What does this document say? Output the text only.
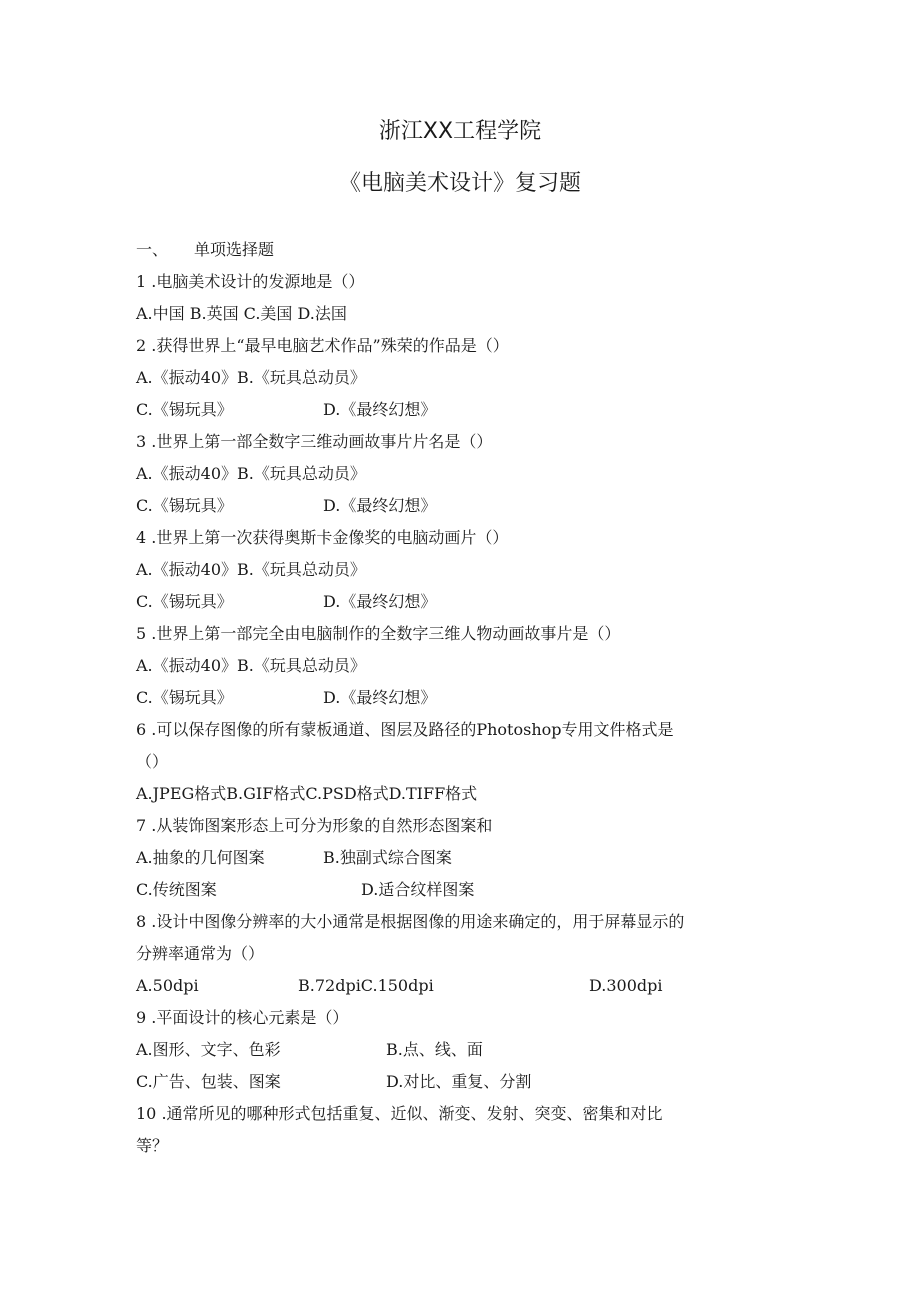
浙江XX工程学院
《电脑美术设计》复习题
一、 单项选择题
1 .电脑美术设计的发源地是（）
A.中国 B.英国 C.美国 D.法国
2 .获得世界上“最早电脑艺术作品”殊荣的作品是（）
A.《振动40》B.《玩具总动员》
C.《锡玩具》	D.《最终幻想》
3 .世界上第一部全数字三维动画故事片片名是（）
A.《振动40》B.《玩具总动员》
C.《锡玩具》	D.《最终幻想》
4 .世界上第一次获得奥斯卡金像奖的电脑动画片（）
A.《振动40》B.《玩具总动员》
C.《锡玩具》	D.《最终幻想》
5 .世界上第一部完全由电脑制作的全数字三维人物动画故事片是（）
A.《振动40》B.《玩具总动员》
C.《锡玩具》	D.《最终幻想》
6 .可以保存图像的所有蒙板通道、图层及路径的Photoshop专用文件格式是
（）
A.JPEG格式B.GIF格式C.PSD格式D.TIFF格式
7 .从装饰图案形态上可分为形象的自然形态图案和
A.抽象的几何图案	B.独副式综合图案
C.传统图案	D.适合纹样图案
8 .设计中图像分辨率的大小通常是根据图像的用途来确定的，用于屏幕显示的
分辨率通常为（）
A.50dpi	B.72dpiC.150dpi	D.300dpi
9 .平面设计的核心元素是（）
A.图形、文字、色彩	B.点、线、面
C.广告、包装、图案	D.对比、重复、分割
10 .通常所见的哪种形式包括重复、近似、渐变、发射、突变、密集和对比
等？
